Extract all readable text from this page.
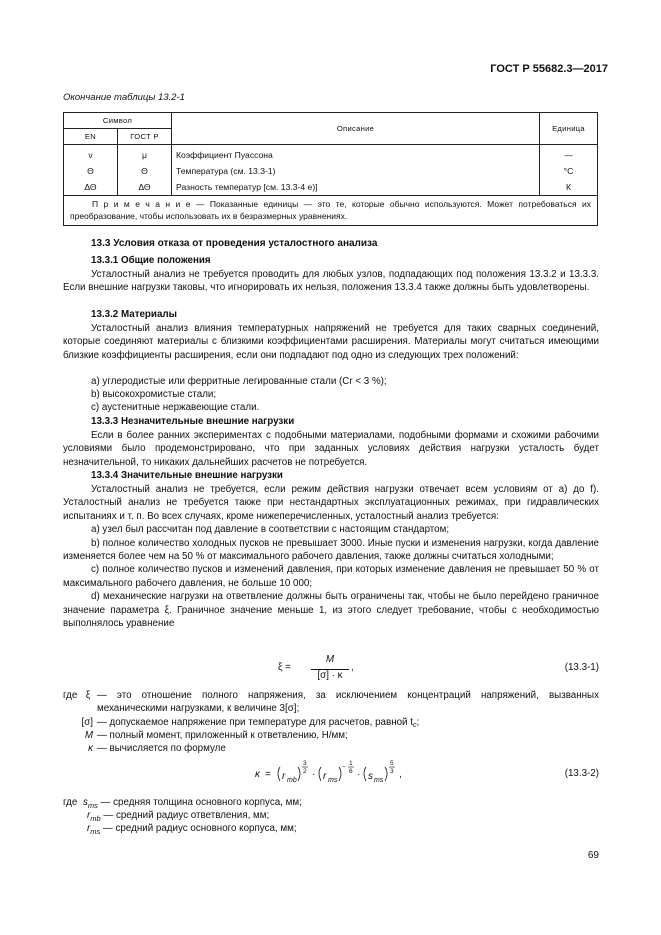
ГОСТ Р 55682.3—2017
Окончание таблицы 13.2-1
Символ		Описание	Единица
EN	ГОСТ Р		
ν	μ	Коэффициент Пуассона	—
Θ	Θ	Температура (см. 13.3-1)	°C
ΔΘ	ΔΘ	Разность температур [см. 13.3-4 е)]	К
П р и м е ч а н и е — Показанные единицы — это те, которые обычно используются. Может потребоваться их преобразование, чтобы использовать их в безразмерных уравнениях.			
13.3 Условия отказа от проведения усталостного анализа
13.3.1 Общие положения

Усталостный анализ не требуется проводить для любых узлов, подпадающих под положения 13.3.2 и 13.3.3. Если внешние нагрузки таковы, что игнорировать их нельзя, положения 13.3.4 также должны быть удовлетворены.

13.3.2 Материалы

Усталостный анализ влияния температурных напряжений не требуется для таких сварных соединений, которые соединяют материалы с близкими коэффициентами расширения. Материалы могут считаться имеющими близкие коэффициенты расширения, если они подпадают под одно из следующих трех положений:

а) углеродистые или ферритные легированные стали (Cr < 3 %);
b) высокохромистые стали;
c) аустенитные нержавеющие стали.
13.3.3 Незначительные внешние нагрузки

Если в более ранних экспериментах с подобными материалами, подобными формами и схожими рабочими условиями было продемонстрировано, что при заданных условиях действия нагрузки усталость будет незначительной, то никаких дальнейших расчетов не потребуется.

13.3.4 Значительные внешние нагрузки

Усталостный анализ не требуется, если режим действия нагрузки отвечает всем условиям от а) до f). Усталостный анализ не требуется также при нестандартных эксплуатационных режимах, при гидравлических испытаниях и т. п. Во всех случаях, кроме нижеперечисленных, усталостный анализ требуется:

а) узел был рассчитан под давление в соответствии с настоящим стандартом;

b) полное количество холодных пусков не превышает 3000. Иные пуски и изменения нагрузки, когда давление изменяется более чем на 50 % от максимального рабочего давления, также должны считаться холодными;

c) полное количество пусков и изменений давления, при которых изменение давления не превышает 50 % от максимального рабочего давления, не больше 10 000;

d) механические нагрузки на ответвление должны быть ограничены так, чтобы не было перейдено граничное значение параметра ξ. Граничное значение меньше 1, из этого следует требование, чтобы с необходимостью выполнялось уравнение

ξ =
M
[σ] · κ
,	(13.3-1)
где ξ — это отношение полного напряжения, за исключением концентраций напряжений, вызванных механическими нагрузками, к величине 3[σ];
[σ] — допускаемое напряжение при температуре для расчетов, равной $t_c$;
M — полный момент, приложенный к ответвлению, Н/мм;
κ — вычисляется по формуле
κ = r mb
3
2 · r ms
−
1
6 · s ms
5
3 ,	(13.3-2)
где $s_{ms}$ — средняя толщина основного корпуса, мм;
$r_{mb}$ — средний радиус ответвления, мм;
$r_{ms}$ — средний радиус основного корпуса, мм;
69
